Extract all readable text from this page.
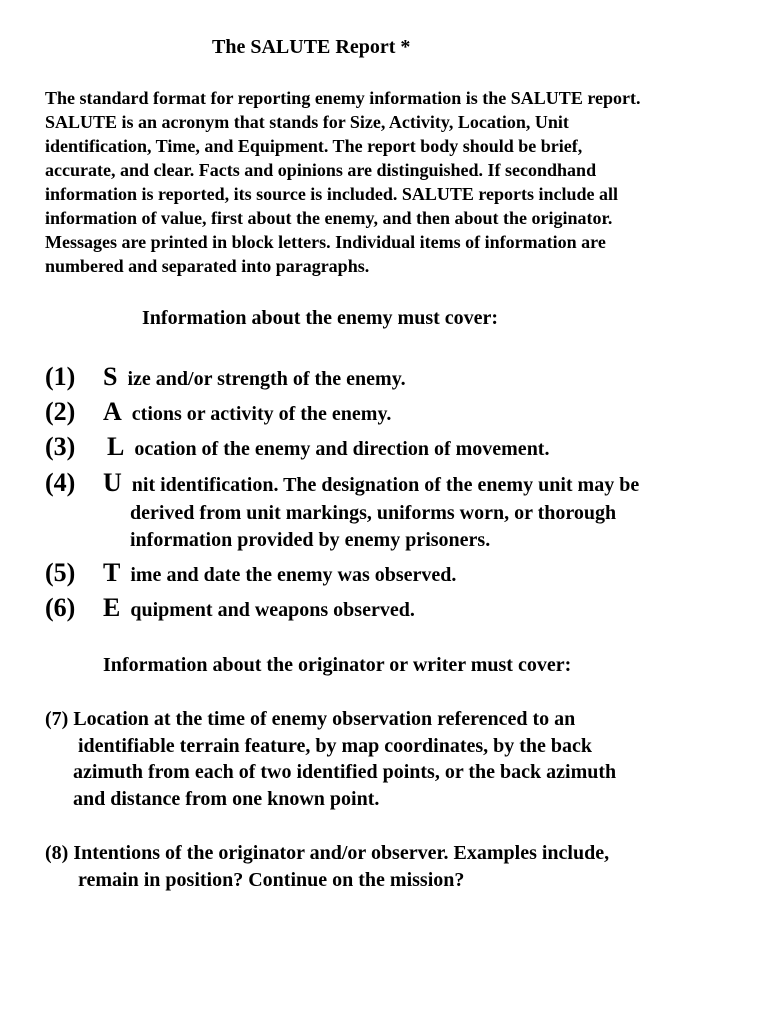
The SALUTE Report *
The standard format for reporting enemy information is the SALUTE report.
SALUTE is an acronym that stands for Size, Activity, Location, Unit
identification, Time, and Equipment. The report body should be brief,
accurate, and clear. Facts and opinions are distinguished. If secondhand
information is reported, its source is included. SALUTE reports include all
information of value, first about the enemy, and then about the originator.
Messages are printed in block letters. Individual items of information are
numbered and separated into paragraphs.
Information about the enemy must cover:
(1) S ize and/or strength of the enemy.
(2) A ctions or activity of the enemy.
(3) L ocation of the enemy and direction of movement.
(4) U nit identification. The designation of the enemy unit may be
derived from unit markings, uniforms worn, or thorough
information provided by enemy prisoners.
(5) T ime and date the enemy was observed.
(6) E quipment and weapons observed.
Information about the originator or writer must cover:
(7) Location at the time of enemy observation referenced to an
identifiable terrain feature, by map coordinates, by the back
azimuth from each of two identified points, or the back azimuth
and distance from one known point.
(8) Intentions of the originator and/or observer. Examples include,
remain in position? Continue on the mission?
